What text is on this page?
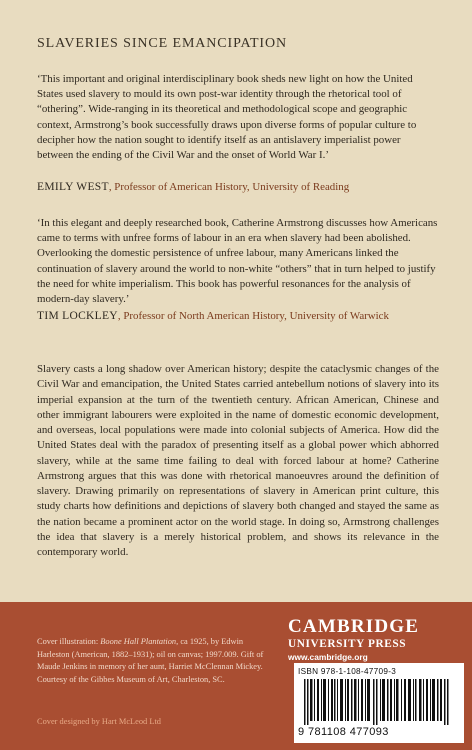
SLAVERIES SINCE EMANCIPATION
‘This important and original interdisciplinary book sheds new light on how the United States used slavery to mould its own post-war identity through the rhetorical tool of “othering”. Wide-ranging in its theoretical and methodological scope and geographic context, Armstrong’s book successfully draws upon diverse forms of popular culture to decipher how the nation sought to identify itself as an antislavery imperialist power between the ending of the Civil War and the onset of World War I.’
EMILY WEST, Professor of American History, University of Reading
‘In this elegant and deeply researched book, Catherine Armstrong discusses how Americans came to terms with unfree forms of labour in an era when slavery had been abolished. Overlooking the domestic persistence of unfree labour, many Americans linked the continuation of slavery around the world to non-white “others” that in turn helped to justify the need for white imperialism. This book has powerful resonances for the analysis of modern-day slavery.’
TIM LOCKLEY, Professor of North American History, University of Warwick
Slavery casts a long shadow over American history; despite the cataclysmic changes of the Civil War and emancipation, the United States carried antebellum notions of slavery into its imperial expansion at the turn of the twentieth century. African American, Chinese and other immigrant labourers were exploited in the name of domestic economic development, and overseas, local populations were made into colonial subjects of America. How did the United States deal with the paradox of presenting itself as a global power which abhorred slavery, while at the same time failing to deal with forced labour at home? Catherine Armstrong argues that this was done with rhetorical manoeuvres around the definition of slavery. Drawing primarily on representations of slavery in American print culture, this study charts how definitions and depictions of slavery both changed and stayed the same as the nation became a prominent actor on the world stage. In doing so, Armstrong challenges the idea that slavery is a merely historical problem, and shows its relevance in the contemporary world.
Cover illustration: Boone Hall Plantation, ca 1925, by Edwin Harleston (American, 1882–1931); oil on canvas; 1997.009. Gift of Maude Jenkins in memory of her aunt, Harriet McClennan Mickey. Courtesy of the Gibbes Museum of Art, Charleston, SC.
Cover designed by Hart McLeod Ltd
CAMBRIDGE
UNIVERSITY PRESS
www.cambridge.org
ISBN 978-1-108-47709-3
9 781108 477093
